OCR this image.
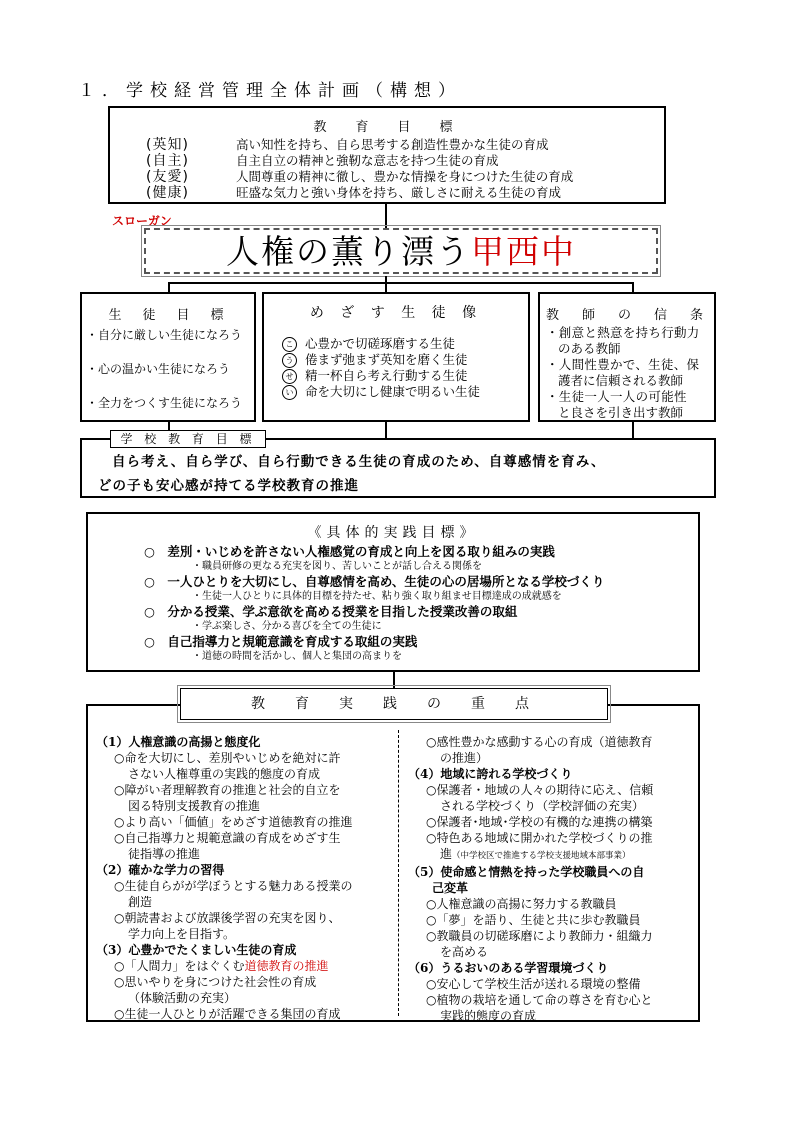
１．学校経営管理全体計画（構想）
教　育　目　標
(英知)	高い知性を持ち、自ら思考する創造性豊かな生徒の育成
(自主)	自主自立の精神と強靭な意志を持つ生徒の育成
(友愛)	人間尊重の精神に徹し、豊かな情操を身につけた生徒の育成
(健康)	旺盛な気力と強い身体を持ち、厳しさに耐える生徒の育成
スローガン
人権の薫り漂う甲西中
生　徒　目　標
・自分に厳しい生徒になろう
・心の温かい生徒になろう
・全力をつくす生徒になろう
め ざ す 生 徒 像
こ 心豊かで切磋琢磨する生徒
う 倦まず弛まず英知を磨く生徒
せ 精一杯自ら考え行動する生徒
い 命を大切にし健康で明るい生徒
教　師　の　信　条
・創意と熱意を持ち行動力
のある教師
・人間性豊かで、生徒、保
護者に信頼される教師
・生徒一人一人の可能性
と良さを引き出す教師
自ら考え、自ら学び、自ら行動できる生徒の育成のため、自尊感情を育み、
どの子も安心感が持てる学校教育の推進
学 校 教 育 目 標
《具体的実践目標》
○　差別・いじめを許さない人権感覚の育成と向上を図る取り組みの実践
・職員研修の更なる充実を図り、苦しいことが話し合える関係を
○　一人ひとりを大切にし、自尊感情を高め、生徒の心の居場所となる学校づくり
・生徒一人ひとりに具体的目標を持たせ、粘り強く取り組ませ目標達成の成就感を
○　分かる授業、学ぶ意欲を高める授業を目指した授業改善の取組
・学ぶ楽しさ、分かる喜びを全ての生徒に
○　自己指導力と規範意識を育成する取組の実践
・道徳の時間を活かし、個人と集団の高まりを
教　育　実　践　の　重　点
（1）人権意識の高揚と態度化
○命を大切にし、差別やいじめを絶対に許
さない人権尊重の実践的態度の育成
○障がい者理解教育の推進と社会的自立を
図る特別支援教育の推進
○より高い「価値」をめざす道徳教育の推進
○自己指導力と規範意識の育成をめざす生
徒指導の推進
（2）確かな学力の習得
○生徒自らがが学ぼうとする魅力ある授業の
創造
○朝読書および放課後学習の充実を図り、
学力向上を目指す。
（3）心豊かでたくましい生徒の育成
○「人間力」をはぐくむ道徳教育の推進
○思いやりを身につけた社会性の育成
（体験活動の充実）
○生徒一人ひとりが活躍できる集団の育成
○感性豊かな感動する心の育成（道徳教育
の推進）
（4）地域に誇れる学校づくり
○保護者・地域の人々の期待に応え、信頼
される学校づくり（学校評価の充実）
○保護者･地域･学校の有機的な連携の構築
○特色ある地域に開かれた学校づくりの推
進（中学校区で推進する学校支援地域本部事業）
（5）使命感と情熱を持った学校職員への自
己変革
○人権意識の高揚に努力する教職員
○「夢」を語り、生徒と共に歩む教職員
○教職員の切磋琢磨により教師力・組織力
を高める
（6）うるおいのある学習環境づくり
○安心して学校生活が送れる環境の整備
○植物の栽培を通して命の尊さを育む心と
実践的態度の育成
